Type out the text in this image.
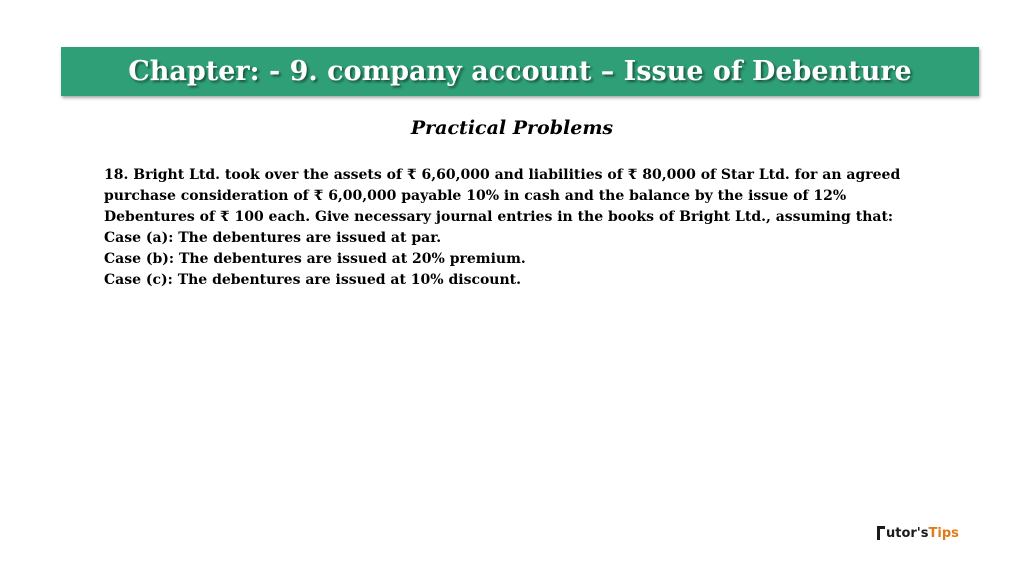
Chapter: - 9. company account – Issue of Debenture
Practical Problems
18. Bright Ltd. took over the assets of ₹ 6,60,000 and liabilities of ₹ 80,000 of Star Ltd. for an agreed
purchase consideration of ₹ 6,00,000 payable 10% in cash and the balance by the issue of 12%
Debentures of ₹ 100 each. Give necessary journal entries in the books of Bright Ltd., assuming that:
Case (a): The debentures are issued at par.
Case (b): The debentures are issued at 20% premium.
Case (c): The debentures are issued at 10% discount.
utor's Tips
